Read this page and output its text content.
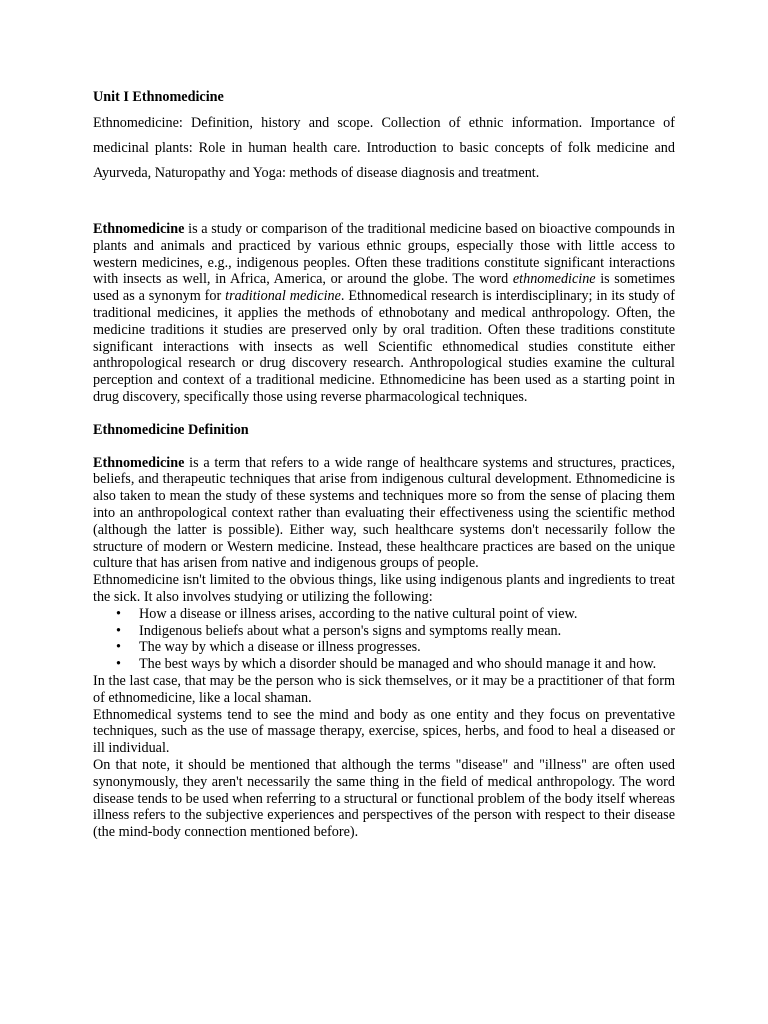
Unit I Ethnomedicine

Ethnomedicine: Definition, history and scope. Collection of ethnic information. Importance of medicinal plants: Role in human health care. Introduction to basic concepts of folk medicine and Ayurveda, Naturopathy and Yoga: methods of disease diagnosis and treatment.

Ethnomedicine is a study or comparison of the traditional medicine based on bioactive compounds in plants and animals and practiced by various ethnic groups, especially those with little access to western medicines, e.g., indigenous peoples. Often these traditions constitute significant interactions with insects as well, in Africa, America, or around the globe. The word ethnomedicine is sometimes used as a synonym for traditional medicine. Ethnomedical research is interdisciplinary; in its study of traditional medicines, it applies the methods of ethnobotany and medical anthropology. Often, the medicine traditions it studies are preserved only by oral tradition. Often these traditions constitute significant interactions with insects as well Scientific ethnomedical studies constitute either anthropological research or drug discovery research. Anthropological studies examine the cultural perception and context of a traditional medicine. Ethnomedicine has been used as a starting point in drug discovery, specifically those using reverse pharmacological techniques.

Ethnomedicine Definition

Ethnomedicine is a term that refers to a wide range of healthcare systems and structures, practices, beliefs, and therapeutic techniques that arise from indigenous cultural development. Ethnomedicine is also taken to mean the study of these systems and techniques more so from the sense of placing them into an anthropological context rather than evaluating their effectiveness using the scientific method (although the latter is possible). Either way, such healthcare systems don't necessarily follow the structure of modern or Western medicine. Instead, these healthcare practices are based on the unique culture that has arisen from native and indigenous groups of people.

Ethnomedicine isn't limited to the obvious things, like using indigenous plants and ingredients to treat the sick. It also involves studying or utilizing the following:

• How a disease or illness arises, according to the native cultural point of view.
• Indigenous beliefs about what a person's signs and symptoms really mean.
• The way by which a disease or illness progresses.
• The best ways by which a disorder should be managed and who should manage it and how.

In the last case, that may be the person who is sick themselves, or it may be a practitioner of that form of ethnomedicine, like a local shaman.

Ethnomedical systems tend to see the mind and body as one entity and they focus on preventative techniques, such as the use of massage therapy, exercise, spices, herbs, and food to heal a diseased or ill individual.

On that note, it should be mentioned that although the terms "disease" and "illness" are often used synonymously, they aren't necessarily the same thing in the field of medical anthropology. The word disease tends to be used when referring to a structural or functional problem of the body itself whereas illness refers to the subjective experiences and perspectives of the person with respect to their disease (the mind-body connection mentioned before).
